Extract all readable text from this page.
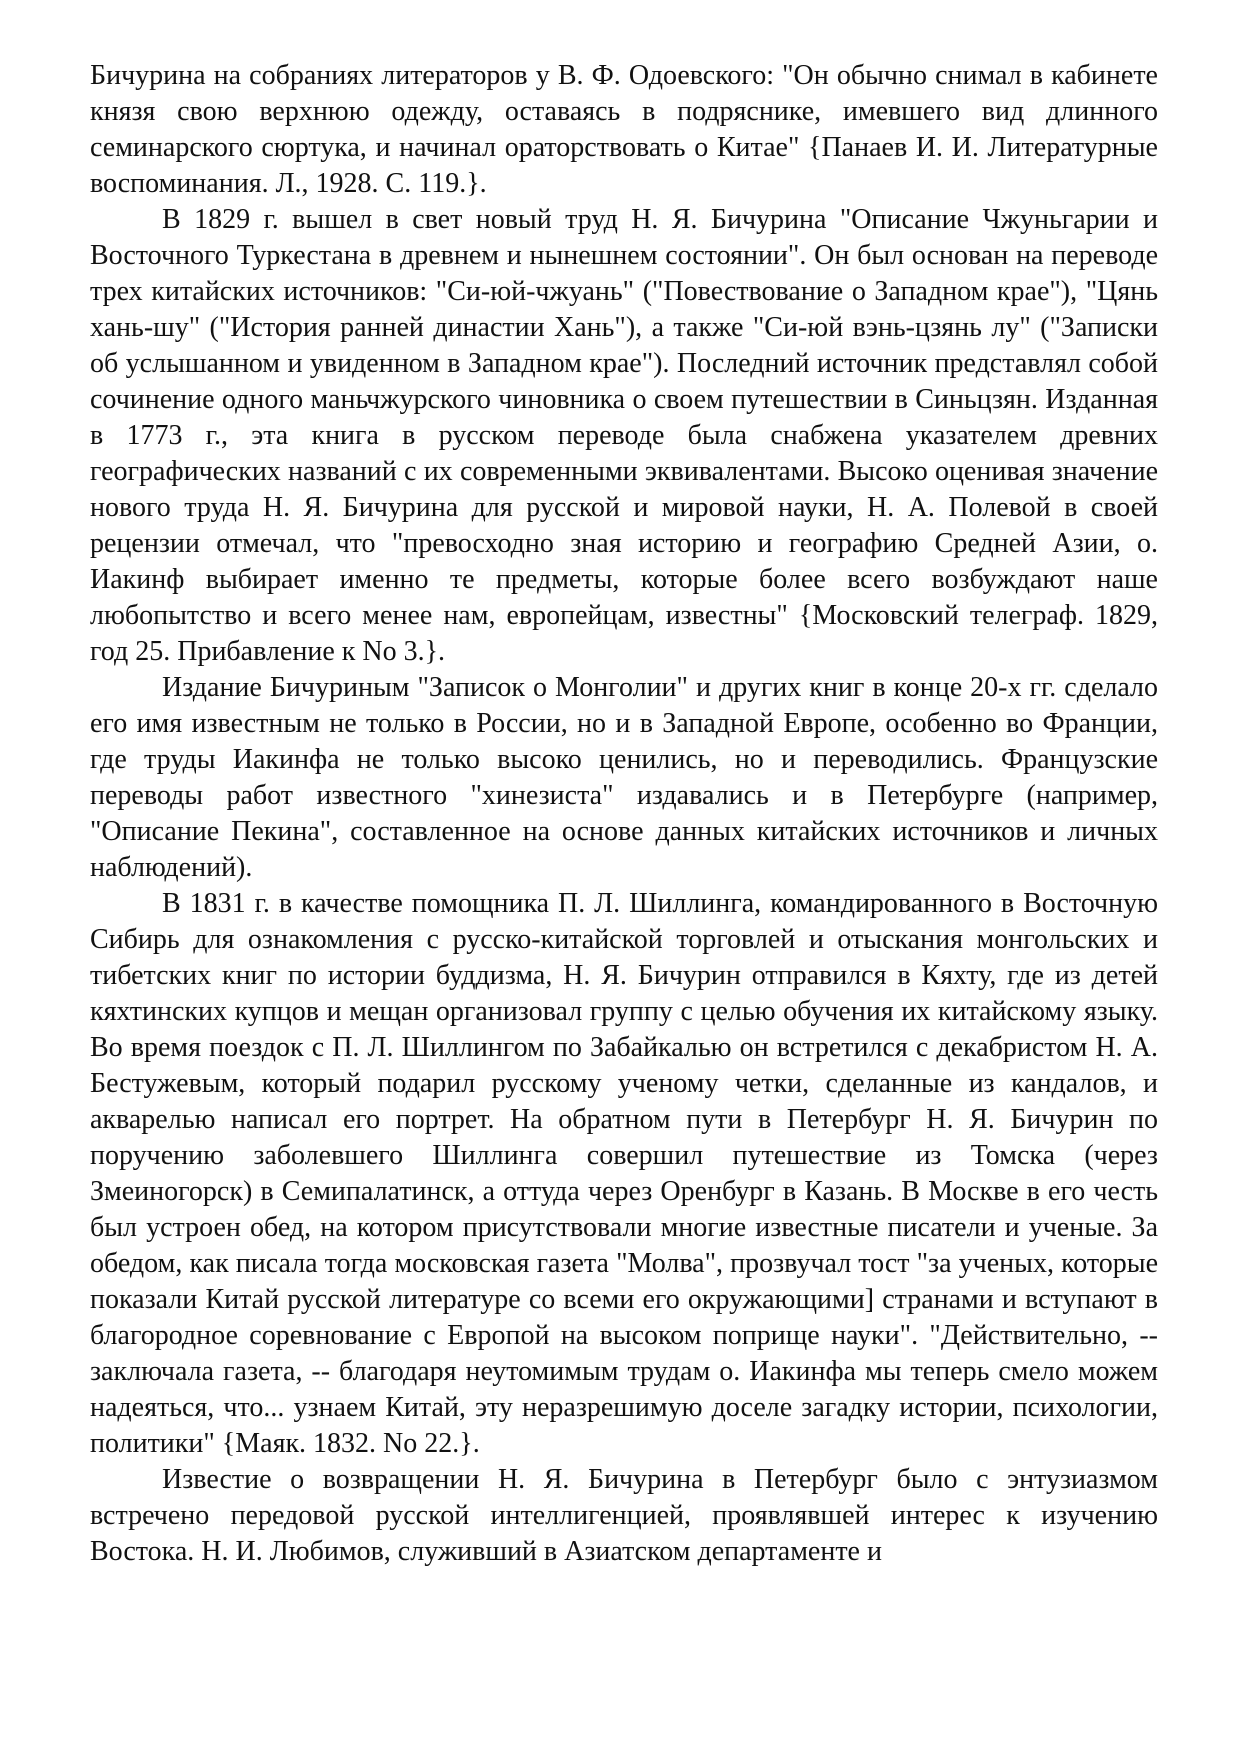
Бичурина на собраниях литераторов у В. Ф. Одоевского: "Он обычно снимал в кабинете князя свою верхнюю одежду, оставаясь в подряснике, имевшего вид длинного семинарского сюртука, и начинал ораторствовать о Китае" {Панаев И. И. Литературные воспоминания. Л., 1928. С. 119.}.

В 1829 г. вышел в свет новый труд Н. Я. Бичурина "Описание Чжуньгарии и Восточного Туркестана в древнем и нынешнем состоянии". Он был основан на переводе трех китайских источников: "Си-юй-чжуань" ("Повествование о Западном крае"), "Цянь хань-шу" ("История ранней династии Хань"), а также "Си-юй вэнь-цзянь лу" ("Записки об услышанном и увиденном в Западном крае"). Последний источник представлял собой сочинение одного маньчжурского чиновника о своем путешествии в Синьцзян. Изданная в 1773 г., эта книга в русском переводе была снабжена указателем древних географических названий с их современными эквивалентами. Высоко оценивая значение нового труда Н. Я. Бичурина для русской и мировой науки, Н. А. Полевой в своей рецензии отмечал, что "превосходно зная историю и географию Средней Азии, о. Иакинф выбирает именно те предметы, которые более всего возбуждают наше любопытство и всего менее нам, европейцам, известны" {Московский телеграф. 1829, год 25. Прибавление к No 3.}.

Издание Бичуриным "Записок о Монголии" и других книг в конце 20-х гг. сделало его имя известным не только в России, но и в Западной Европе, особенно во Франции, где труды Иакинфа не только высоко ценились, но и переводились. Французские переводы работ известного "хинезиста" издавались и в Петербурге (например, "Описание Пекина", составленное на основе данных китайских источников и личных наблюдений).

В 1831 г. в качестве помощника П. Л. Шиллинга, командированного в Восточную Сибирь для ознакомления с русско-китайской торговлей и отыскания монгольских и тибетских книг по истории буддизма, Н. Я. Бичурин отправился в Кяхту, где из детей кяхтинских купцов и мещан организовал группу с целью обучения их китайскому языку. Во время поездок с П. Л. Шиллингом по Забайкалью он встретился с декабристом Н. А. Бестужевым, который подарил русскому ученому четки, сделанные из кандалов, и акварелью написал его портрет. На обратном пути в Петербург Н. Я. Бичурин по поручению заболевшего Шиллинга совершил путешествие из Томска (через Змеиногорск) в Семипалатинск, а оттуда через Оренбург в Казань. В Москве в его честь был устроен обед, на котором присутствовали многие известные писатели и ученые. За обедом, как писала тогда московская газета "Молва", прозвучал тост "за ученых, которые показали Китай русской литературе со всеми его окружающими] странами и вступают в благородное соревнование с Европой на высоком поприще науки". "Действительно, -- заключала газета, -- благодаря неутомимым трудам о. Иакинфа мы теперь смело можем надеяться, что... узнаем Китай, эту неразрешимую доселе загадку истории, психологии, политики" {Маяк. 1832. No 22.}.

Известие о возвращении Н. Я. Бичурина в Петербург было с энтузиазмом встречено передовой русской интеллигенцией, проявлявшей интерес к изучению Востока. Н. И. Любимов, служивший в Азиатском департаменте и
